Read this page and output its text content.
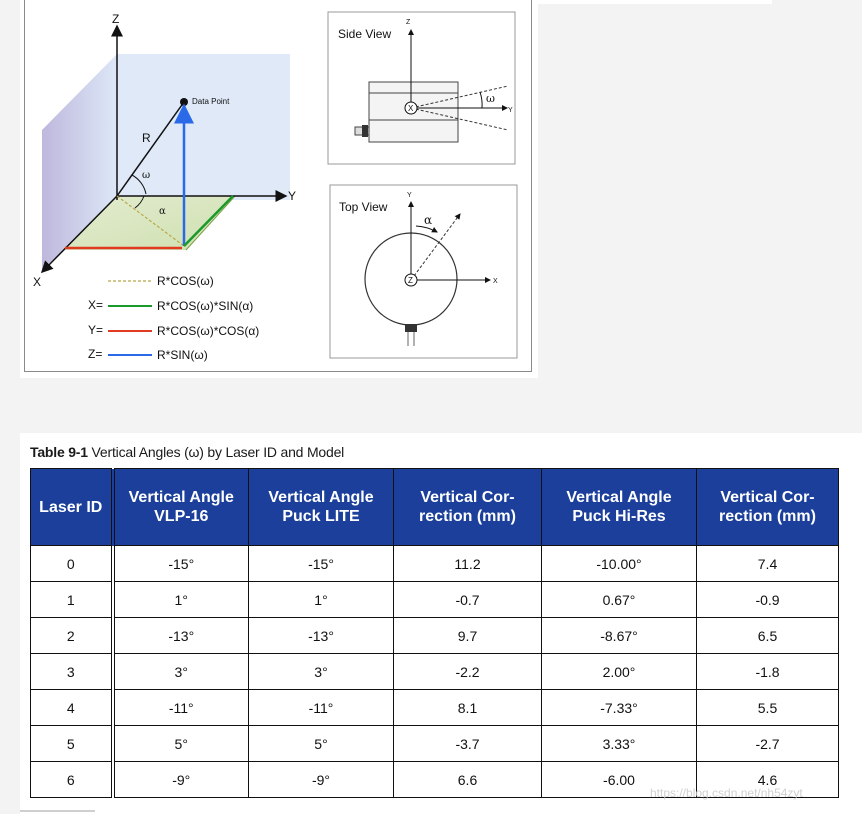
Z
Y
X
Data Point
R
ω
α
R*COS(ω)
X=	R*COS(ω)*SIN(α)
Y=	R*COS(ω)*COS(α)
Z=	R*SIN(ω)
Side View
Z
X
ω
Y
Top View
Y
Z
α
X
Table 9-1 Vertical Angles (ω) by Laser ID and Model
Laser ID	Vertical Angle VLP-16	Vertical Angle Puck LITE	Vertical Cor-rection (mm)	Vertical Angle Puck Hi-Res	Vertical Cor-rection (mm)
0	-15°	-15°	11.2	-10.00°	7.4
1	1°	1°	-0.7	0.67°	-0.9
2	-13°	-13°	9.7	-8.67°	6.5
3	3°	3°	-2.2	2.00°	-1.8
4	-11°	-11°	8.1	-7.33°	5.5
5	5°	5°	-3.7	3.33°	-2.7
6	-9°	-9°	6.6	-6.00	4.6
https://blog.csdn.net/nh54zyt
